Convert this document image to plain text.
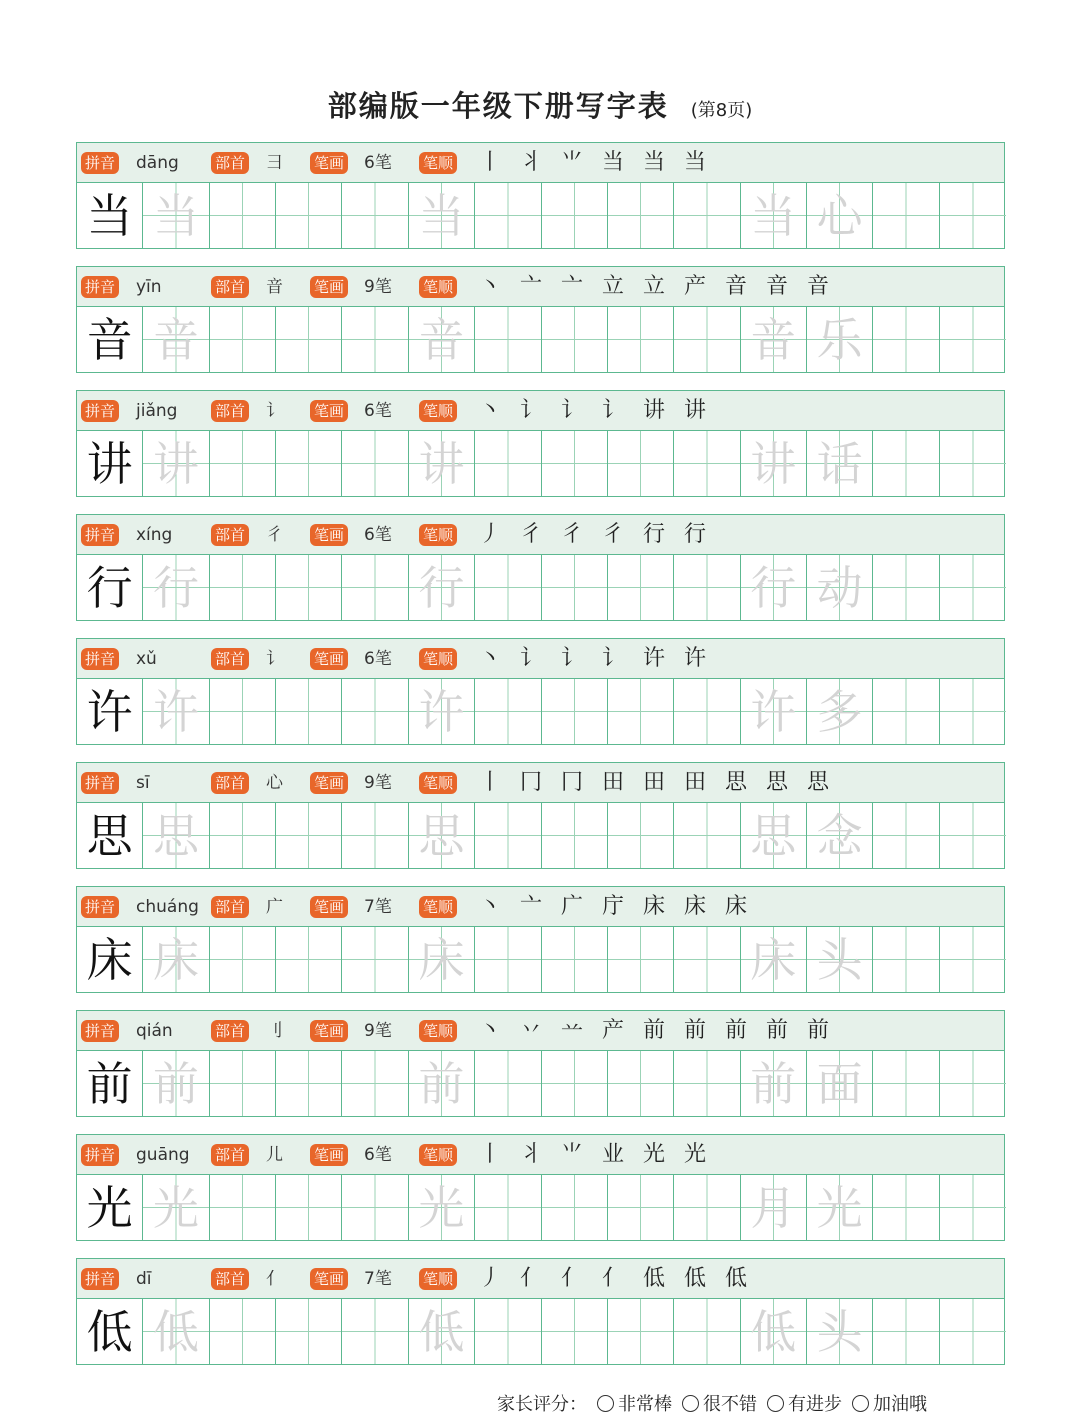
部编版一年级下册写字表 (第8页)
拼音 dāng 部首 彐 笔画 6笔 笔顺 丨 丬 ⺌ 当 当 当
当 当	当	当 心
拼音 yīn	部首 音 笔画 9笔 笔顺 丶 亠 亠 立 立 产 音 音 音
音 音	音	音 乐
拼音 jiǎng	部首 讠 笔画 6笔 笔顺 丶 讠 讠 讠 讲 讲
讲 讲	讲	讲 话
拼音 xíng	部首 彳 笔画 6笔 笔顺 丿 彳 彳 彳 行 行
行 行	行	行 动
拼音 xǔ	部首 讠 笔画 6笔 笔顺 丶 讠 讠 讠 许 许
许 许	许	许 多
拼音 sī	部首 心 笔画 9笔 笔顺 丨 冂 冂 田 田 田 思 思 思
思 思	思	思 念
拼音 chuáng 部首 广 笔画 7笔 笔顺 丶 亠 广 庁 床 床 床
床 床	床	床 头
拼音 qián	部首 刂 笔画 9笔 笔顺 丶 丷 䒑 产 前 前 前 前 前
前 前	前	前 面
拼音 guāng 部首 儿 笔画 6笔 笔顺 丨 丬 ⺌ 业 光 光
光 光	光	月 光
拼音 dī	部首 亻 笔画 7笔 笔顺 丿 亻 亻 亻 低 低 低
低 低	低	低 头
家长评分： 非常棒 很不错 有进步 加油哦
